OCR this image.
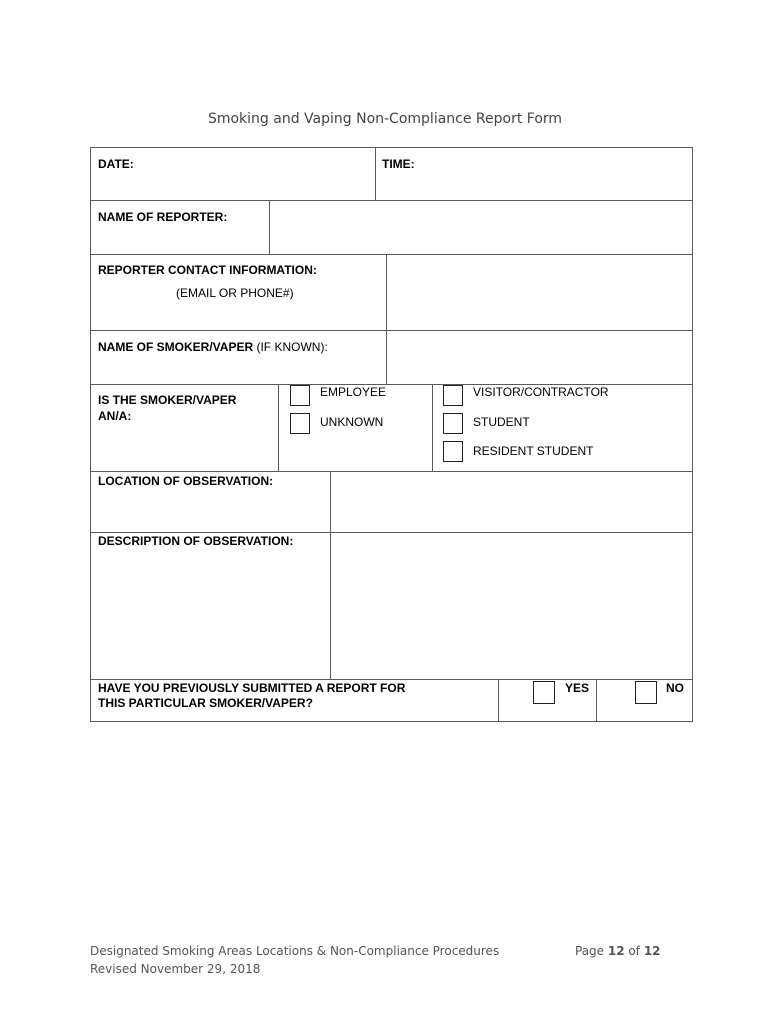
Smoking and Vaping Non-Compliance Report Form
DATE:	TIME:
NAME OF REPORTER:
REPORTER CONTACT INFORMATION:
(EMAIL OR PHONE#)
NAME OF SMOKER/VAPER (IF KNOWN):
IS THE SMOKER/VAPER
AN/A:
EMPLOYEE
UNKNOWN
VISITOR/CONTRACTOR
STUDENT
RESIDENT STUDENT
LOCATION OF OBSERVATION:
DESCRIPTION OF OBSERVATION:
HAVE YOU PREVIOUSLY SUBMITTED A REPORT FOR
THIS PARTICULAR SMOKER/VAPER?
YES	NO
Designated Smoking Areas Locations & Non-Compliance Procedures
Revised November 29, 2018
Page 12 of 12
